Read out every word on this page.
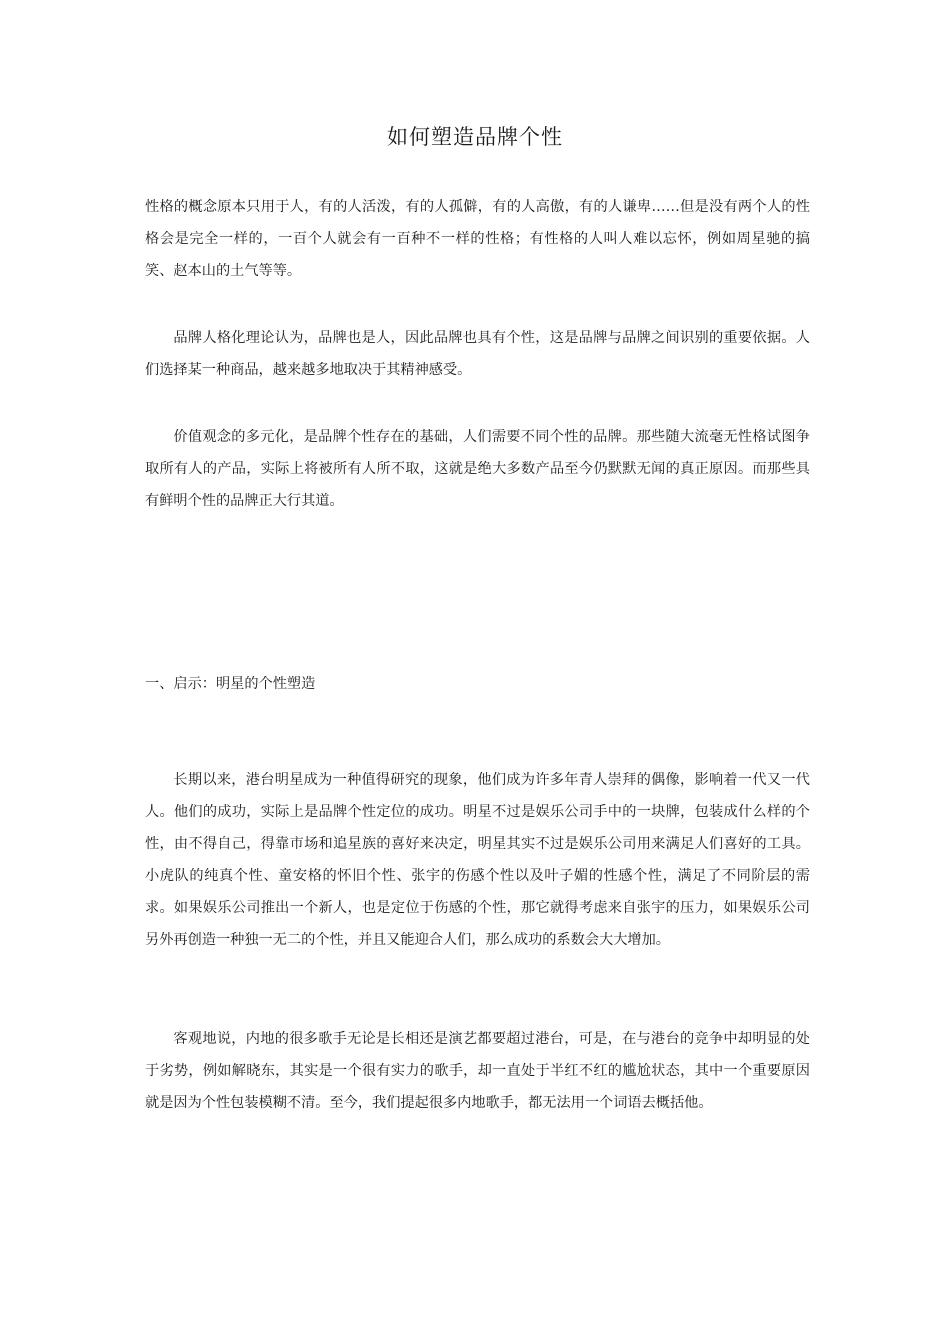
如何塑造品牌个性

性格的概念原本只用于人，有的人活泼，有的人孤僻，有的人高傲，有的人谦卑……但是没有两个人的性格会是完全一样的，一百个人就会有一百种不一样的性格；有性格的人叫人难以忘怀，例如周星驰的搞笑、赵本山的土气等等。

品牌人格化理论认为，品牌也是人，因此品牌也具有个性，这是品牌与品牌之间识别的重要依据。人们选择某一种商品，越来越多地取决于其精神感受。

价值观念的多元化，是品牌个性存在的基础，人们需要不同个性的品牌。那些随大流毫无性格试图争取所有人的产品，实际上将被所有人所不取，这就是绝大多数产品至今仍默默无闻的真正原因。而那些具有鲜明个性的品牌正大行其道。

一、启示：明星的个性塑造

长期以来，港台明星成为一种值得研究的现象，他们成为许多年青人崇拜的偶像，影响着一代又一代人。他们的成功，实际上是品牌个性定位的成功。明星不过是娱乐公司手中的一块牌，包装成什么样的个性，由不得自己，得靠市场和追星族的喜好来决定，明星其实不过是娱乐公司用来满足人们喜好的工具。小虎队的纯真个性、童安格的怀旧个性、张宇的伤感个性以及叶子媚的性感个性，满足了不同阶层的需求。如果娱乐公司推出一个新人，也是定位于伤感的个性，那它就得考虑来自张宇的压力，如果娱乐公司另外再创造一种独一无二的个性，并且又能迎合人们，那么成功的系数会大大增加。

客观地说，内地的很多歌手无论是长相还是演艺都要超过港台，可是，在与港台的竞争中却明显的处于劣势，例如解晓东，其实是一个很有实力的歌手，却一直处于半红不红的尴尬状态，其中一个重要原因就是因为个性包装模糊不清。至今，我们提起很多内地歌手，都无法用一个词语去概括他。
